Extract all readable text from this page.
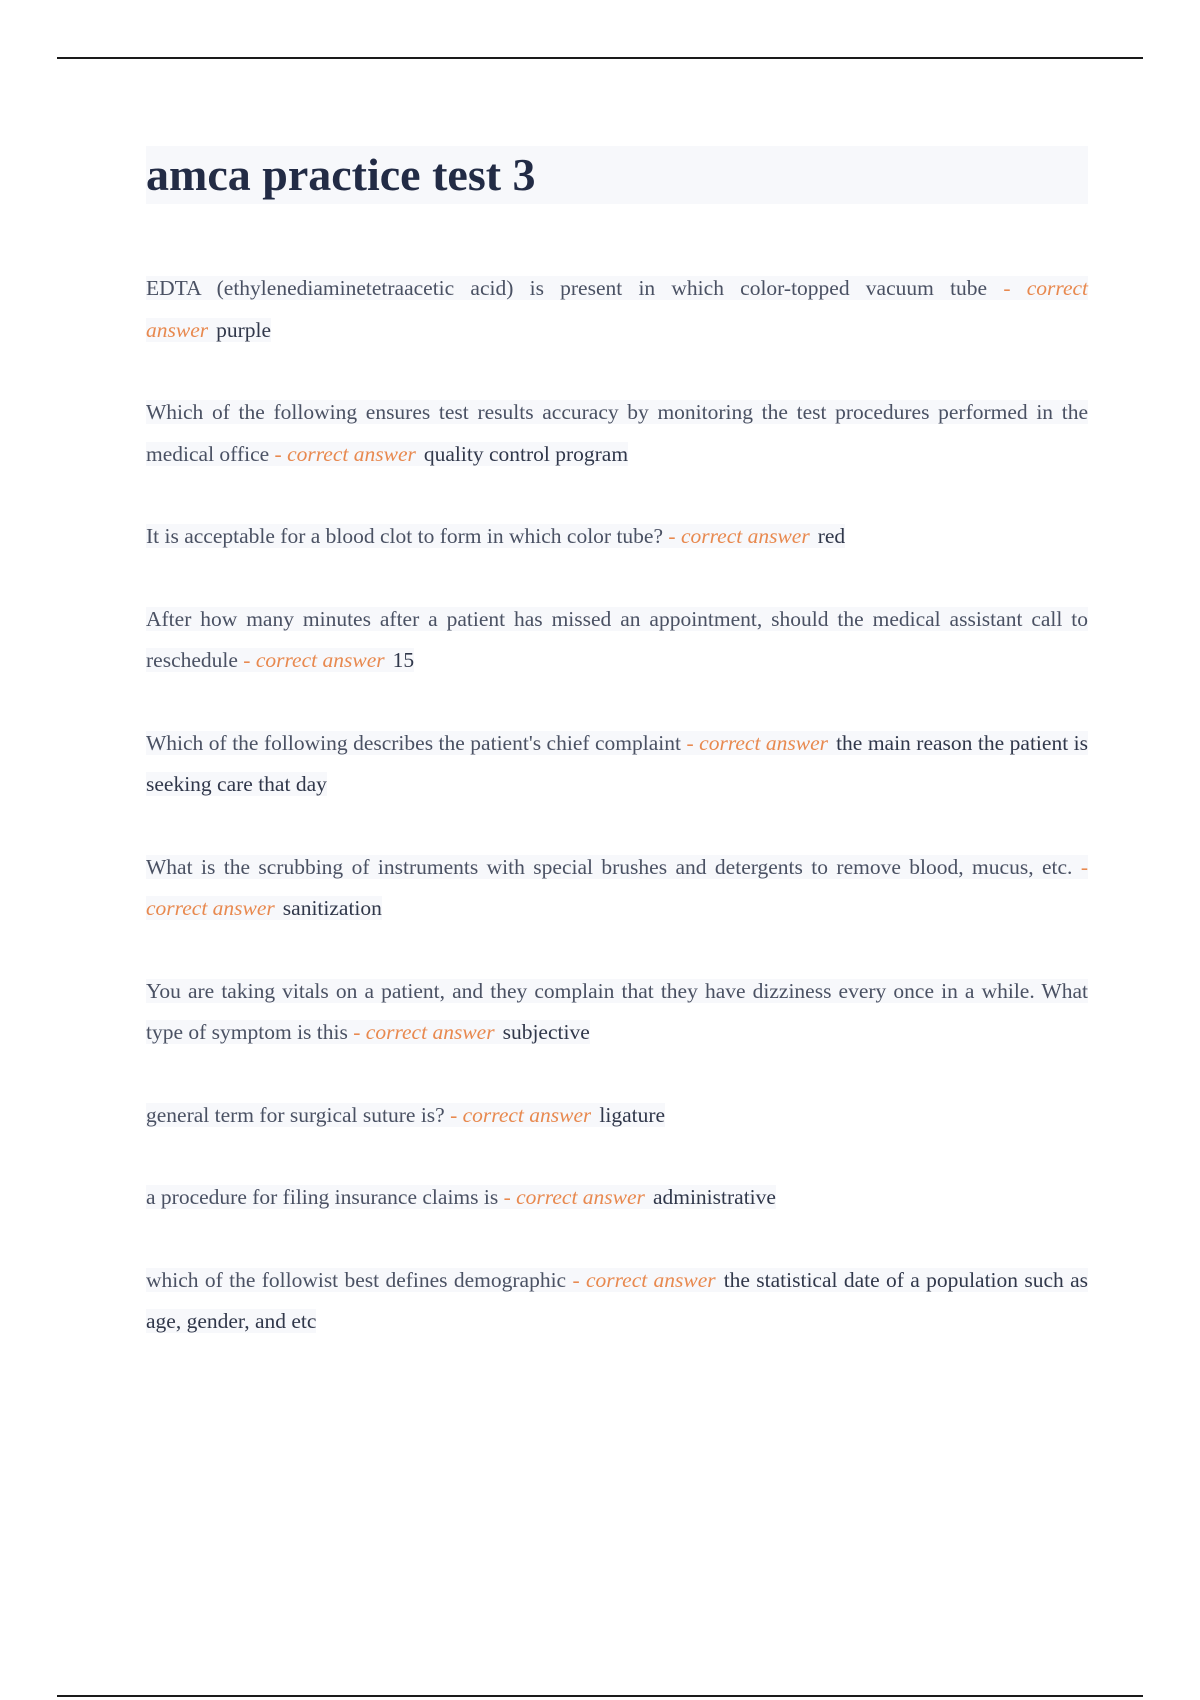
amca practice test 3

EDTA (ethylenediaminetetraacetic acid) is present in which color-topped vacuum tube - correct answer purple

Which of the following ensures test results accuracy by monitoring the test procedures performed in the medical office - correct answer quality control program

It is acceptable for a blood clot to form in which color tube? - correct answer red

After how many minutes after a patient has missed an appointment, should the medical assistant call to reschedule - correct answer 15

Which of the following describes the patient's chief complaint - correct answer the main reason the patient is seeking care that day

What is the scrubbing of instruments with special brushes and detergents to remove blood, mucus, etc. - correct answer sanitization

You are taking vitals on a patient, and they complain that they have dizziness every once in a while. What type of symptom is this - correct answer subjective

general term for surgical suture is? - correct answer ligature

a procedure for filing insurance claims is - correct answer administrative

which of the followist best defines demographic - correct answer the statistical date of a population such as age, gender, and etc
